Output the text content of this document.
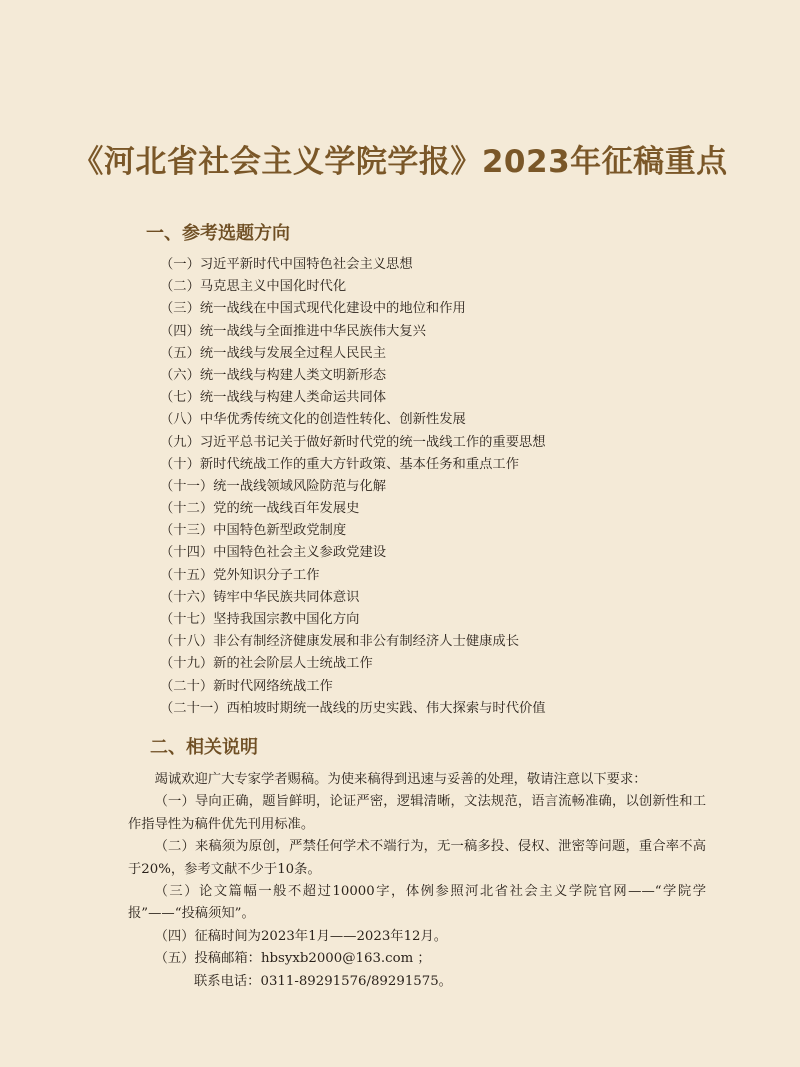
《河北省社会主义学院学报》2023年征稿重点
一、参考选题方向
（一）习近平新时代中国特色社会主义思想
（二）马克思主义中国化时代化
（三）统一战线在中国式现代化建设中的地位和作用
（四）统一战线与全面推进中华民族伟大复兴
（五）统一战线与发展全过程人民民主
（六）统一战线与构建人类文明新形态
（七）统一战线与构建人类命运共同体
（八）中华优秀传统文化的创造性转化、创新性发展
（九）习近平总书记关于做好新时代党的统一战线工作的重要思想
（十）新时代统战工作的重大方针政策、基本任务和重点工作
（十一）统一战线领域风险防范与化解
（十二）党的统一战线百年发展史
（十三）中国特色新型政党制度
（十四）中国特色社会主义参政党建设
（十五）党外知识分子工作
（十六）铸牢中华民族共同体意识
（十七）坚持我国宗教中国化方向
（十八）非公有制经济健康发展和非公有制经济人士健康成长
（十九）新的社会阶层人士统战工作
（二十）新时代网络统战工作
（二十一）西柏坡时期统一战线的历史实践、伟大探索与时代价值
二、相关说明

竭诚欢迎广大专家学者赐稿。为使来稿得到迅速与妥善的处理，敬请注意以下要求：

（一）导向正确，题旨鲜明，论证严密，逻辑清晰，文法规范，语言流畅准确，以创新性和工作指导性为稿件优先刊用标准。

（二）来稿须为原创，严禁任何学术不端行为，无一稿多投、侵权、泄密等问题，重合率不高于20%，参考文献不少于10条。

（三）论文篇幅一般不超过10000字，体例参照河北省社会主义学院官网——“学院学报”——“投稿须知”。

（四）征稿时间为2023年1月——2023年12月。

（五）投稿邮箱：hbsyxb2000@163.com ；

联系电话：0311-89291576/89291575。
